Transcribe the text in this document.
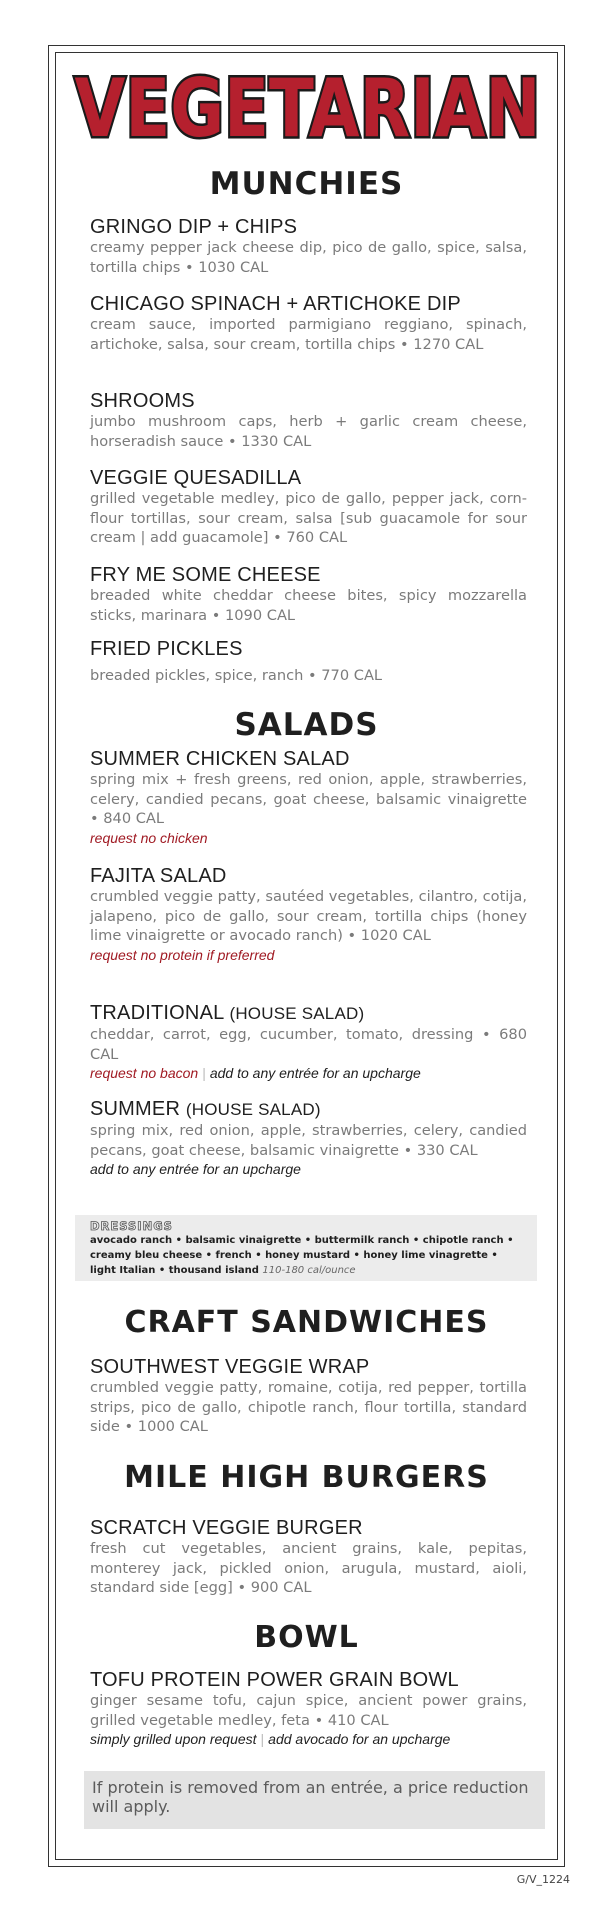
VEGETARIAN
MUNCHIES

GRINGO DIP + CHIPS

creamy pepper jack cheese dip, pico de gallo, spice, salsa, tortilla chips • 1030 CAL

CHICAGO SPINACH + ARTICHOKE DIP

cream sauce, imported parmigiano reggiano, spinach, artichoke, salsa, sour cream, tortilla chips • 1270 CAL

SHROOMS

jumbo mushroom caps, herb + garlic cream cheese, horseradish sauce • 1330 CAL

VEGGIE QUESADILLA

grilled vegetable medley, pico de gallo, pepper jack, corn-flour tortillas, sour cream, salsa [sub guacamole for sour cream | add guacamole] • 760 CAL

FRY ME SOME CHEESE

breaded white cheddar cheese bites, spicy mozzarella sticks, marinara • 1090 CAL

FRIED PICKLES

breaded pickles, spice, ranch • 770 CAL

SALADS

SUMMER CHICKEN SALAD

spring mix + fresh greens, red onion, apple, strawberries, celery, candied pecans, goat cheese, balsamic vinaigrette • 840 CAL

request no chicken

FAJITA SALAD

crumbled veggie patty, sautéed vegetables, cilantro, cotija, jalapeno, pico de gallo, sour cream, tortilla chips (honey lime vinaigrette or avocado ranch) • 1020 CAL

request no protein if preferred

TRADITIONAL (HOUSE SALAD)

cheddar, carrot, egg, cucumber, tomato, dressing • 680 CAL

request no bacon | add to any entrée for an upcharge

SUMMER (HOUSE SALAD)

spring mix, red onion, apple, strawberries, celery, candied pecans, goat cheese, balsamic vinaigrette • 330 CAL

add to any entrée for an upcharge

DRESSINGS

avocado ranch • balsamic vinaigrette • buttermilk ranch • chipotle ranch • creamy bleu cheese • french • honey mustard • honey lime vinagrette • light Italian • thousand island 110-180 cal/ounce

CRAFT SANDWICHES

SOUTHWEST VEGGIE WRAP

crumbled veggie patty, romaine, cotija, red pepper, tortilla strips, pico de gallo, chipotle ranch, flour tortilla, standard side • 1000 CAL

MILE HIGH BURGERS

SCRATCH VEGGIE BURGER

fresh cut vegetables, ancient grains, kale, pepitas, monterey jack, pickled onion, arugula, mustard, aioli, standard side [egg] • 900 CAL

BOWL

TOFU PROTEIN POWER GRAIN BOWL

ginger sesame tofu, cajun spice, ancient power grains, grilled vegetable medley, feta • 410 CAL

simply grilled upon request | add avocado for an upcharge

If protein is removed from an entrée, a price reduction will apply.
G/V_1224
